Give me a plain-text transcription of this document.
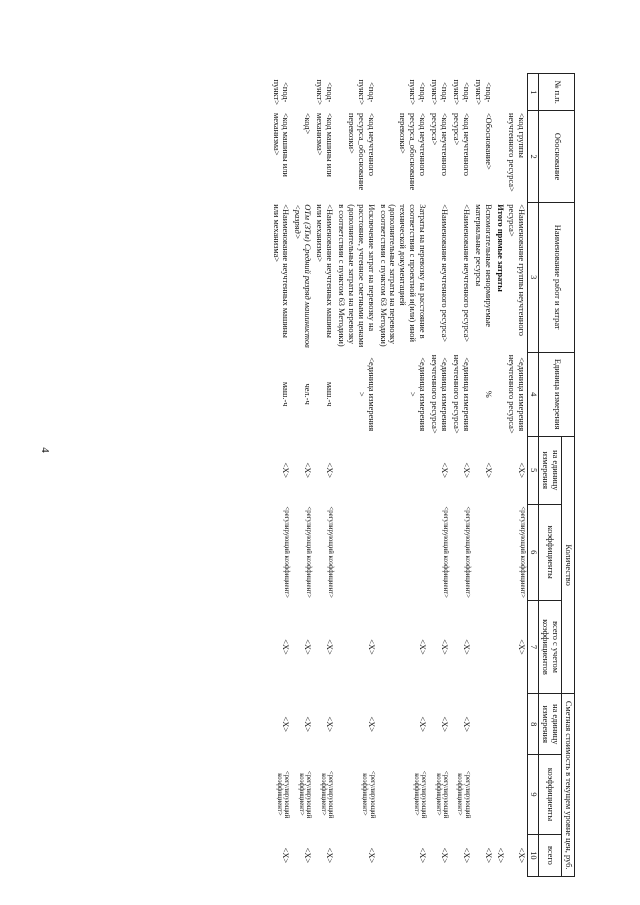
4
№ п.п.	Обоснование	Наименование работ и затрат	Единица измерения	Количество			Сметная стоимость в текущем уровне цен, руб.		
				на единицу измерения	коэффициенты	всего с учетом коэффициентов	на единицу измерения	коэффициенты	всего
1	2	3	4	5	6	7	8	9	10
	<код группы неучтенного ресурса>	<Наименование группы неучтенного ресурса>	<единица измерения неучтенного ресурса>	<X>	<регулирующий коэффициент>	<X>			<X>
		Итого прямые затраты							<X>
<под-пункт>	<Обоснование>	Вспомогательные ненормируемые материальные ресурсы	%	<X>					<X>
<под-пункт>	<код неучтенного ресурса>	<Наименование неучтенного ресурса>	<единица измерения неучтенного ресурса>	<X>	<регулирующий коэффициент>	<X>	<X>	<регулирующий коэффициент>	<X>
<под-пункт>	<код неучтенного ресурса>	<Наименование неучтенного ресурса>	<единица измерения неучтенного ресурса>	<X>	<регулирующий коэффициент>	<X>	<X>	<регулирующий коэффициент>	<X>
<под-пункт>	<код неучтенного ресурса_обоснование перевозки>	Затраты на перевозку на расстояние в соответствии с проектной и(или) иной технической документацией (дополнительные затраты на перевозку в соответствии с пунктом 63 Методики)	<единица измерения >			<X>	<X>	<регулирующий коэффициент>	<X>
<под-пункт>	<код неучтенного ресурса_обоснование перевозки>	Исключение затрат на перевозку на расстояние, учтенное сметными ценами (дополнительные затраты на перевозку в соответствии с пунктом 63 Методики)	<единица измерения >			<X>	<X>	<регулирующий коэффициент>	<X>
<под-пункт>	<код машины или механизма>	<Наименование неучтенных машины или механизма>	маш.-ч	<X>	<регулирующий коэффициент>	<X>	<X>	<регулирующий коэффициент>	<X>
	<код>	ОТм (ЗТм) Средний разряд машинистов <разряд>	чел.-ч	<X>	<регулирующий коэффициент>	<X>	<X>	<регулирующий коэффициент>	<X>
<под-пункт>	<код машины или механизма>	<Наименование неучтенных машины или механизма>	маш.-ч	<X>	<регулирующий коэффициент>	<X>	<X>	<регулирующий коэффициент>	<X>
